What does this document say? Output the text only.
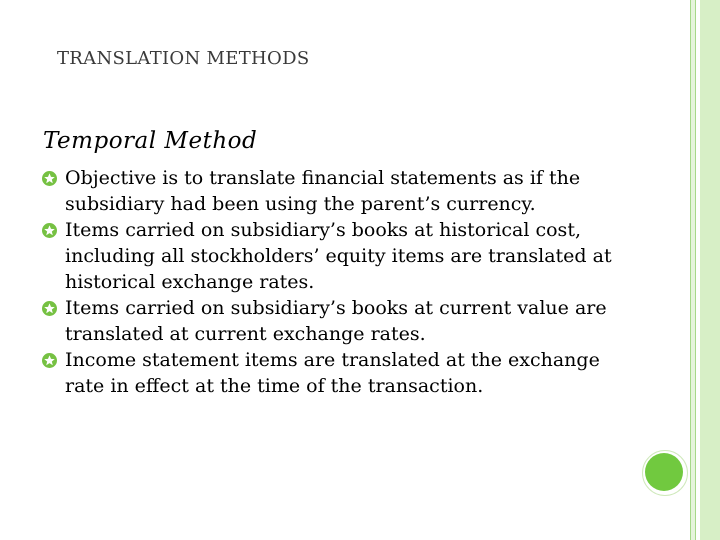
TRANSLATION METHODS
Temporal Method
Objective is to translate financial statements as if the subsidiary had been using the parent’s currency.
Items carried on subsidiary’s books at historical cost, including all stockholders’ equity items are translated at historical exchange rates.
Items carried on subsidiary’s books at current value are translated at current exchange rates.
Income statement items are translated at the exchange rate in effect at the time of the transaction.
